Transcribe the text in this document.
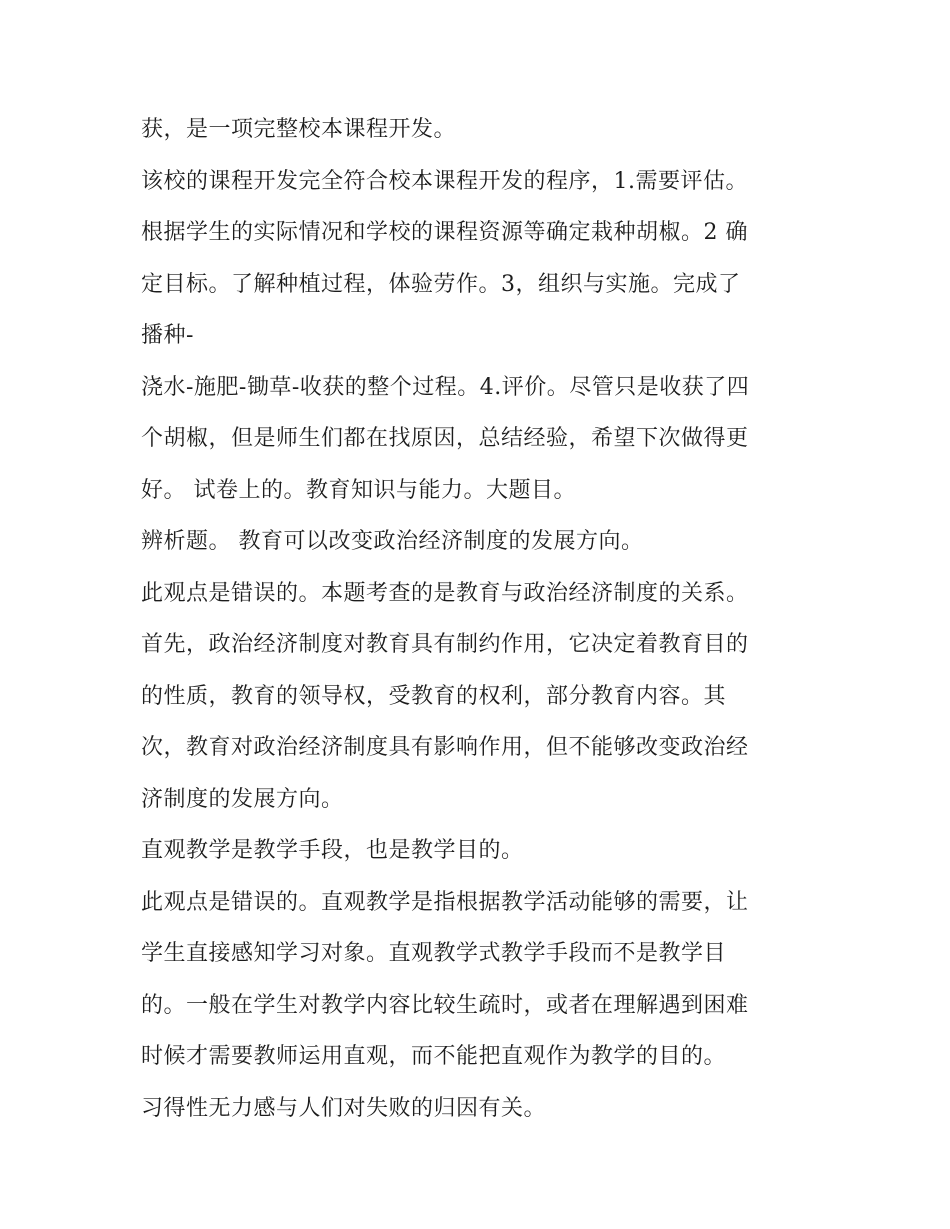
获，是一项完整校本课程开发。
该校的课程开发完全符合校本课程开发的程序，1.需要评估。
根据学生的实际情况和学校的课程资源等确定栽种胡椒。2 确
定目标。了解种植过程，体验劳作。3，组织与实施。完成了
播种-
浇水-施肥-锄草-收获的整个过程。4.评价。尽管只是收获了四
个胡椒，但是师生们都在找原因，总结经验，希望下次做得更
好。 试卷上的。教育知识与能力。大题目。
辨析题。 教育可以改变政治经济制度的发展方向。
此观点是错误的。本题考查的是教育与政治经济制度的关系。
首先，政治经济制度对教育具有制约作用，它决定着教育目的
的性质，教育的领导权，受教育的权利，部分教育内容。其
次，教育对政治经济制度具有影响作用，但不能够改变政治经
济制度的发展方向。
直观教学是教学手段，也是教学目的。
此观点是错误的。直观教学是指根据教学活动能够的需要，让
学生直接感知学习对象。直观教学式教学手段而不是教学目
的。一般在学生对教学内容比较生疏时，或者在理解遇到困难
时候才需要教师运用直观，而不能把直观作为教学的目的。
习得性无力感与人们对失败的归因有关。
